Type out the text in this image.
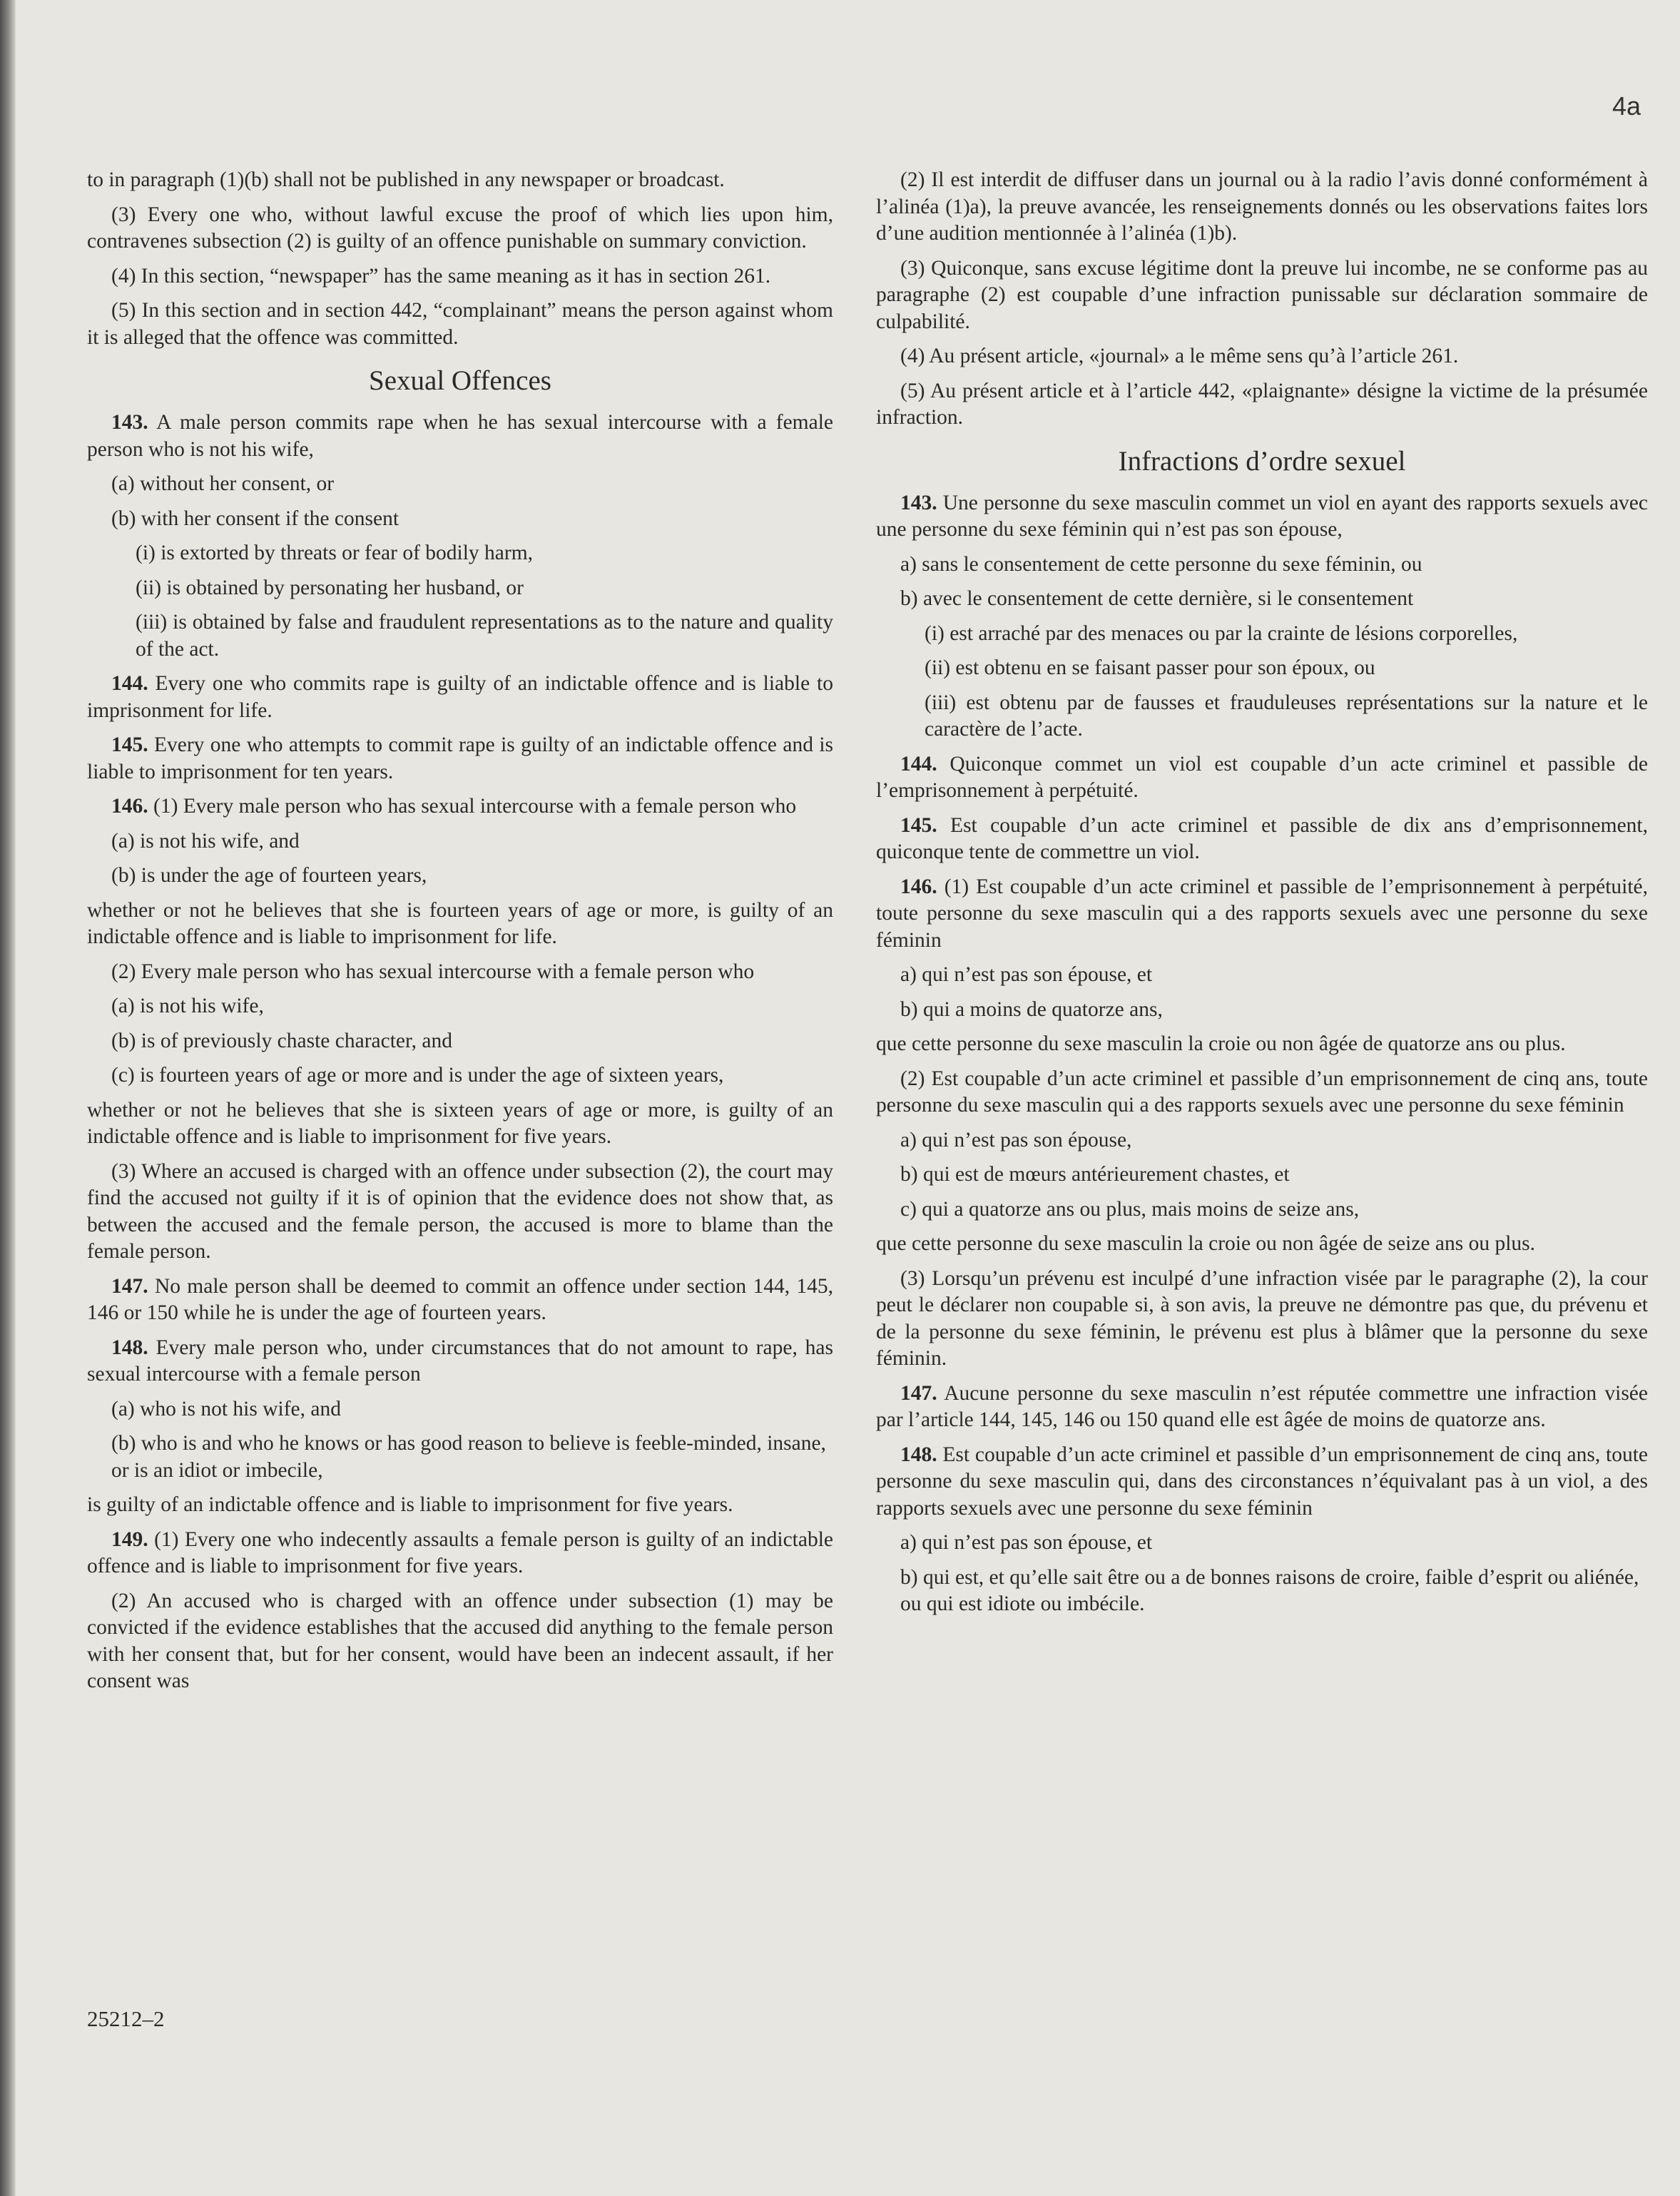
4a

to in paragraph (1)(b) shall not be published in any newspaper or broadcast.

(3) Every one who, without lawful excuse the proof of which lies upon him, contravenes subsection (2) is guilty of an offence punishable on summary conviction.

(4) In this section, “newspaper” has the same meaning as it has in section 261.

(5) In this section and in section 442, “complainant” means the person against whom it is alleged that the offence was committed.

Sexual Offences

143. A male person commits rape when he has sexual intercourse with a female person who is not his wife,

(a) without her consent, or

(b) with her consent if the consent

(i) is extorted by threats or fear of bodily harm,

(ii) is obtained by personating her husband, or

(iii) is obtained by false and fraudulent representations as to the nature and quality of the act.

144. Every one who commits rape is guilty of an indictable offence and is liable to imprisonment for life.

145. Every one who attempts to commit rape is guilty of an indictable offence and is liable to imprisonment for ten years.

146. (1) Every male person who has sexual intercourse with a female person who

(a) is not his wife, and

(b) is under the age of fourteen years,

whether or not he believes that she is fourteen years of age or more, is guilty of an indictable offence and is liable to imprisonment for life.

(2) Every male person who has sexual intercourse with a female person who

(a) is not his wife,

(b) is of previously chaste character, and

(c) is fourteen years of age or more and is under the age of sixteen years,

whether or not he believes that she is sixteen years of age or more, is guilty of an indictable offence and is liable to imprisonment for five years.

(3) Where an accused is charged with an offence under subsection (2), the court may find the accused not guilty if it is of opinion that the evidence does not show that, as between the accused and the female person, the accused is more to blame than the female person.

147. No male person shall be deemed to commit an offence under section 144, 145, 146 or 150 while he is under the age of fourteen years.

148. Every male person who, under circumstances that do not amount to rape, has sexual intercourse with a female person

(a) who is not his wife, and

(b) who is and who he knows or has good reason to believe is feeble-minded, insane, or is an idiot or imbecile,

is guilty of an indictable offence and is liable to imprisonment for five years.

149. (1) Every one who indecently assaults a female person is guilty of an indictable offence and is liable to imprisonment for five years.

(2) An accused who is charged with an offence under subsection (1) may be convicted if the evidence establishes that the accused did anything to the female person with her consent that, but for her consent, would have been an indecent assault, if her consent was

(2) Il est interdit de diffuser dans un journal ou à la radio l’avis donné conformément à l’alinéa (1)a), la preuve avancée, les renseignements donnés ou les observations faites lors d’une audition mentionnée à l’alinéa (1)b).

(3) Quiconque, sans excuse légitime dont la preuve lui incombe, ne se conforme pas au paragraphe (2) est coupable d’une infraction punissable sur déclaration sommaire de culpabilité.

(4) Au présent article, «journal» a le même sens qu’à l’article 261.

(5) Au présent article et à l’article 442, «plaignante» désigne la victime de la présumée infraction.

Infractions d’ordre sexuel

143. Une personne du sexe masculin commet un viol en ayant des rapports sexuels avec une personne du sexe féminin qui n’est pas son épouse,

a) sans le consentement de cette personne du sexe féminin, ou

b) avec le consentement de cette dernière, si le consentement

(i) est arraché par des menaces ou par la crainte de lésions corporelles,

(ii) est obtenu en se faisant passer pour son époux, ou

(iii) est obtenu par de fausses et frauduleuses représentations sur la nature et le caractère de l’acte.

144. Quiconque commet un viol est coupable d’un acte criminel et passible de l’emprisonnement à perpétuité.

145. Est coupable d’un acte criminel et passible de dix ans d’emprisonnement, quiconque tente de commettre un viol.

146. (1) Est coupable d’un acte criminel et passible de l’emprisonnement à perpétuité, toute personne du sexe masculin qui a des rapports sexuels avec une personne du sexe féminin

a) qui n’est pas son épouse, et

b) qui a moins de quatorze ans,

que cette personne du sexe masculin la croie ou non âgée de quatorze ans ou plus.

(2) Est coupable d’un acte criminel et passible d’un emprisonnement de cinq ans, toute personne du sexe masculin qui a des rapports sexuels avec une personne du sexe féminin

a) qui n’est pas son épouse,

b) qui est de mœurs antérieurement chastes, et

c) qui a quatorze ans ou plus, mais moins de seize ans,

que cette personne du sexe masculin la croie ou non âgée de seize ans ou plus.

(3) Lorsqu’un prévenu est inculpé d’une infraction visée par le paragraphe (2), la cour peut le déclarer non coupable si, à son avis, la preuve ne démontre pas que, du prévenu et de la personne du sexe féminin, le prévenu est plus à blâmer que la personne du sexe féminin.

147. Aucune personne du sexe masculin n’est réputée commettre une infraction visée par l’article 144, 145, 146 ou 150 quand elle est âgée de moins de quatorze ans.

148. Est coupable d’un acte criminel et passible d’un emprisonnement de cinq ans, toute personne du sexe masculin qui, dans des circonstances n’équivalant pas à un viol, a des rapports sexuels avec une personne du sexe féminin

a) qui n’est pas son épouse, et

b) qui est, et qu’elle sait être ou a de bonnes raisons de croire, faible d’esprit ou aliénée, ou qui est idiote ou imbécile.

25212–2
